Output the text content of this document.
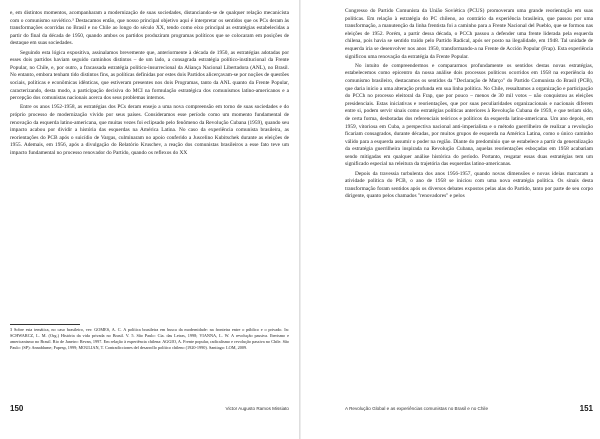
e, em distintos momentos, acompanharam a modernização de suas sociedades, distanciando-se de qualquer relação mecanicista com o comunismo soviético.³ Destacamos então, que nosso principal objetivo aqui é interpretar os sentidos que os PCs deram às transformações ocorridas no Brasil e no Chile ao longo do século XX, tendo como eixo principal as estratégias estabelecidas a partir do final da década de 1950, quando ambos os partidos produziram programas políticos que se colocaram em posições de destaque em suas sociedades.

Seguindo esta lógica expositiva, assinalamos brevemente que, anteriormente à década de 1950, as estratégias adotadas por esses dois partidos haviam seguido caminhos distintos – de um lado, a consagrada estratégia político-institucional da Frente Popular, no Chile, e, por outro, a fracassada estratégia político-insurrecional da Aliança Nacional Libertadora (ANL), no Brasil. No entanto, embora tenham tido distintos fins, as políticas definidas por estes dois Partidos alicerçavam-se por noções de questões sociais, políticas e econômicas idênticas, que estiveram presentes nos dois Programas, tanto da ANL quanto da Frente Popular, caracterizando, desta modo, a participação decisiva do MCI na formulação estratégica dos comunismos latino-americanos e a percepção dos comunistas nacionais acerca dos seus problemas internos.

Entre os anos 1952-1958, as estratégias dos PCs deram ensejo a uma nova compreensão em torno de suas sociedades e do próprio processo de modernização vivido por seus países. Consideramos esse período como um momento fundamental de renovação da esquerda latino-americana, que muitas vezes foi eclipsado pelo fenômeno da Revolução Cubana (1959), quando seu impacto acabou por dividir a história das esquerdas na América Latina. No caso da experiência comunista brasileira, as reorientações do PCB após o suicídio de Vargas, culminaram no apoio conferido a Juscelino Kubitschek durante as eleições de 1955. Ademais, em 1956, após a divulgação do Relatório Kruschev, a reação dos comunistas brasileiros a esse fato teve um impacto fundamental no processo renovador do Partido, quando os reflexos do XX

3 Sobre esta temática, no caso brasileiro, ver: GOMES, A. C. A política brasileira em busca da modernidade: na fronteira entre o público e o privado. In: SCHWARCZ, L. M. (Org.) História da vida privada no Brasil. V. 5. São Paulo: Cia. das Letras, 1998; VIANNA, L. W. A revolução passiva. Iberismo e americanismo no Brasil. Rio de Janeiro: Revan, 1997. Em relação à experiência chilena: AGGIO, A. Frente popular, radicalismo e revolução passiva no Chile. São Paulo: (SP): Annablume; Fapesp, 1999; MOULIAN, T. Contradicciones del desarrollo político chileno (1920-1990). Santiago: LOM, 2009.

150	Victor Augusto Ramos Missiato

Congresso do Partido Comunista da União Soviética (PCUS) promoveram uma grande reorientação em suas políticas. Em relação à estratégia do PC chileno, ao contrário da experiência brasileira, que passou por uma transformação, a manutenção da linha frentista foi a caminho para a Frente Nacional del Pueblo, que se formou nas eleições de 1952. Porém, a partir dessa década, o PCCh passou a defender uma frente liderada pela esquerda chilena, pois havia se sentido traído pelo Partido Radical, após ser posto na ilegalidade, em 1948. Tal unidade de esquerda iria se desenvolver nos anos 1950, transformando-a na Frente de Acción Popular (Frap). Esta experiência significou uma renovação da estratégia da Frente Popular.

No intuito de compreendermos e compararmos profundamente os sentidos destas novas estratégias, estabelecemos como epicentro da nossa análise dois processos políticos ocorridos em 1958 na experiência do comunismo brasileiro, destacamos os sentidos da "Declaração de Março" do Partido Comunista do Brasil (PCB), que daria início a uma alteração profunda em sua linha política. No Chile, ressaltamos a organização e participação do PCCh no processo eleitoral da Frap, que por pouco – menos de 30 mil votos – não conquistou as eleições presidenciais. Estas iniciativas e reorientações, que por suas peculiaridades organizacionais e nacionais diferem entre si, podem servir sinais como estratégias políticas anteriores à Revolução Cubana de 1959, e que teriam sido, de certa forma, desbotadas dos referenciais teóricos e políticos da esquerda latino-americana. Um ano depois, em 1959, vitoriosa em Cuba, a perspectiva nacional anti-imperialista e o método guerrilheiro de realizar a revolução ficariam consagrados, durante décadas, por muitos grupos de esquerda na América Latina, como o único caminho válido para a esquerda assumir o poder na região. Diante do predomínio que se estabelece a partir da generalização da estratégia guerrilheira inspirada na Revolução Cubana, aquelas reorientações esboçadas em 1958 acabariam sendo mitigadas em qualquer análise histórica do período. Portanto, resgatar essas duas estratégias tem um significado especial na releitura da trajetória das esquerdas latino-americanas.

Depois da travessia turbulenta dos anos 1956-1957, quando novas dimensões e novas ideias marcaram a atividade política do PCB, o ano de 1958 se iniciou com uma nova estratégia política. Os sinais desta transformação foram sentidos após os diversos debates expostos pelas alas do Partido, tanto por parte de seu corpo dirigente, quanto pelos chamados "renovadores" e pelos

A Revolução Global e as experiências comunistas no Brasil e no Chile	151
